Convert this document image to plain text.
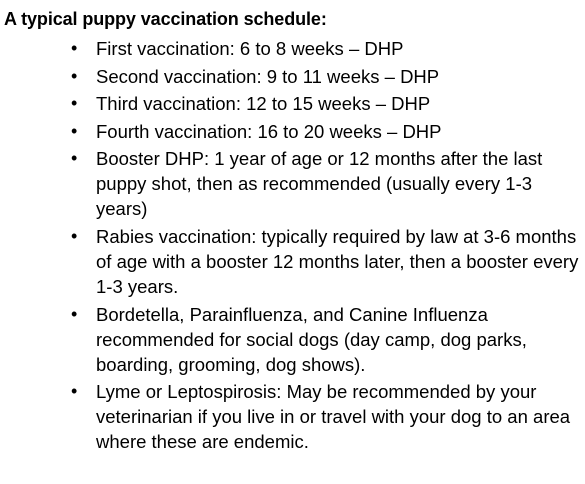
A typical puppy vaccination schedule:
• First vaccination: 6 to 8 weeks – DHP
• Second vaccination: 9 to 11 weeks – DHP
• Third vaccination: 12 to 15 weeks – DHP
• Fourth vaccination: 16 to 20 weeks – DHP
• Booster DHP: 1 year of age or 12 months after the last puppy shot, then as recommended (usually every 1-3 years)
• Rabies vaccination: typically required by law at 3-6 months of age with a booster 12 months later, then a booster every 1-3 years.
• Bordetella, Parainfluenza, and Canine Influenza recommended for social dogs (day camp, dog parks, boarding, grooming, dog shows).
• Lyme or Leptospirosis: May be recommended by your veterinarian if you live in or travel with your dog to an area where these are endemic.
